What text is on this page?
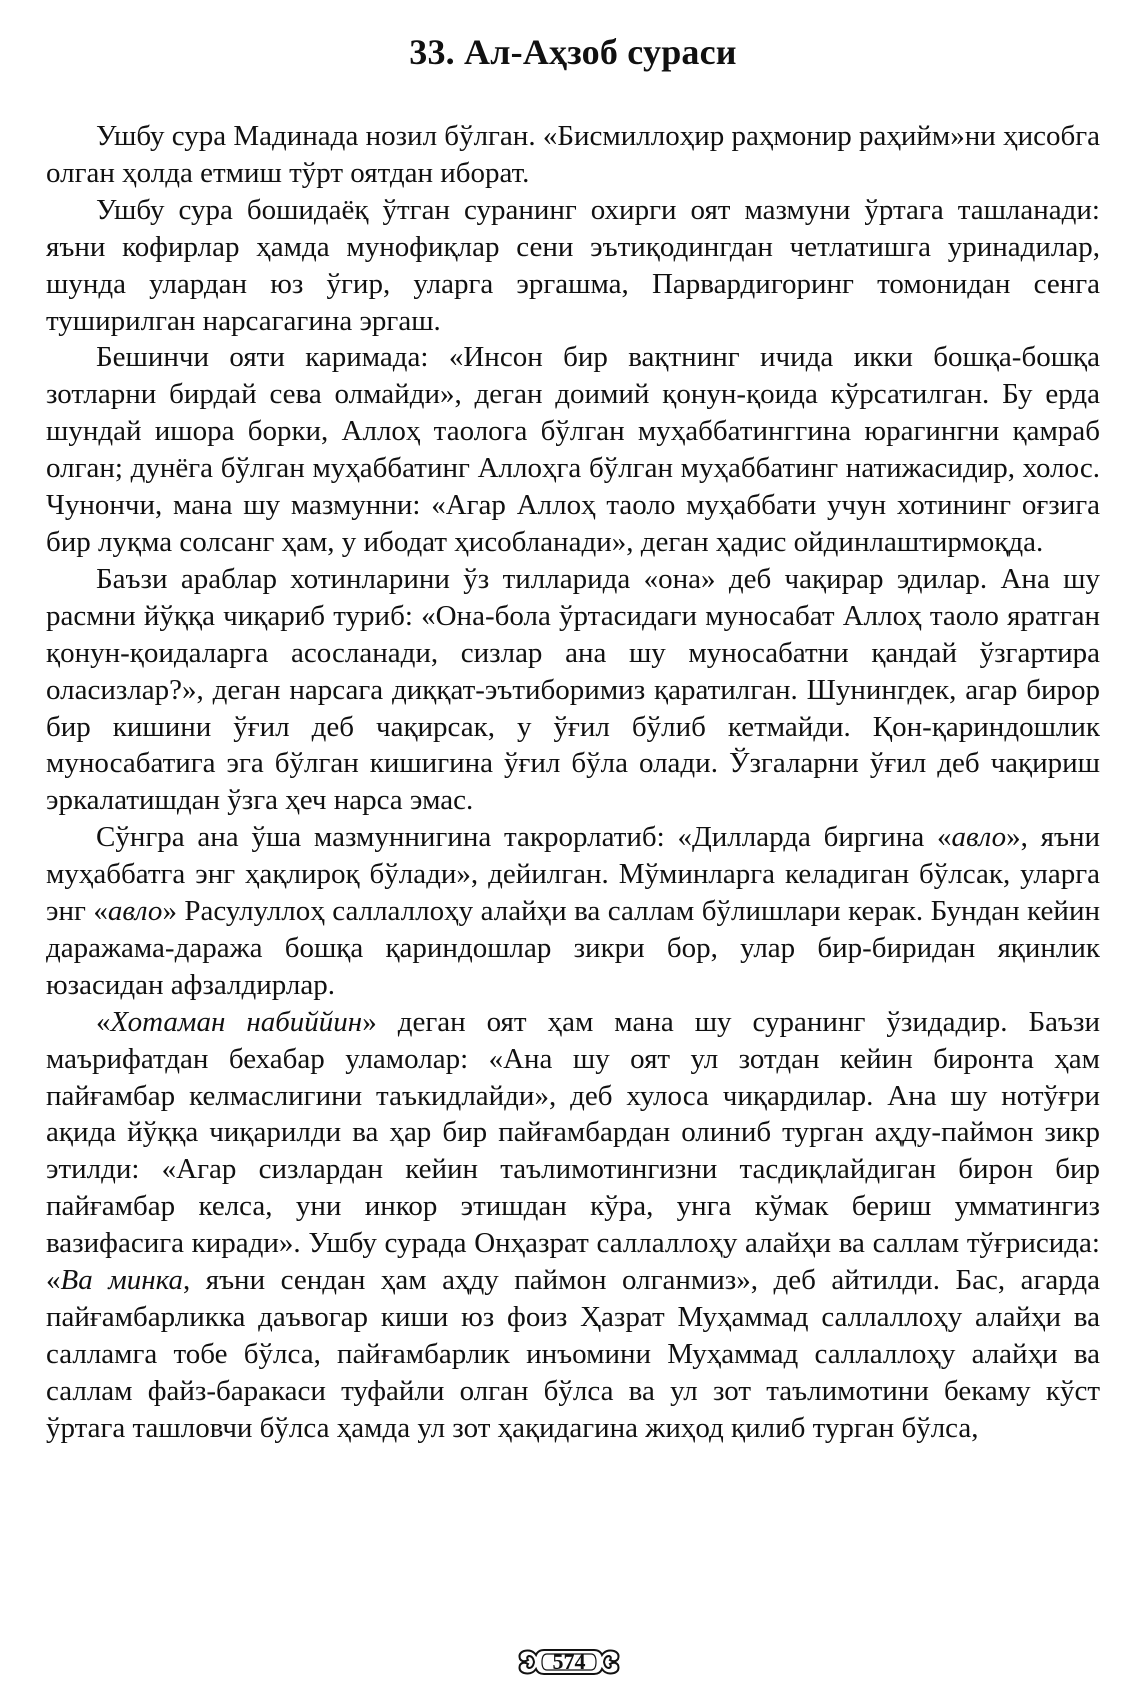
33. Ал-Аҳзоб сураси

Ушбу сура Мадинада нозил бўлган. «Бисмиллоҳир раҳмонир раҳийм»ни ҳисобга олган ҳолда етмиш тўрт оятдан иборат.

Ушбу сура бошидаёқ ўтган суранинг охирги оят мазмуни ўртага ташланади: яъни кофирлар ҳамда мунофиқлар сени эътиқодингдан четлатишга уринадилар, шунда улардан юз ўгир, уларга эргашма, Парвардигоринг томонидан сенга туширилган нарсагагина эргаш.

Бешинчи ояти каримада: «Инсон бир вақтнинг ичида икки бошқа-бошқа зотларни бирдай сева олмайди», деган доимий қонун-қоида кўрсатилган. Бу ерда шундай ишора борки, Аллоҳ таологa бўлган муҳаббатинггина юрагингни қамраб олган; дунёга бўлган муҳаббатинг Аллоҳга бўлган муҳаббатинг натижасидир, холос. Чунончи, мана шу мазмунни: «Агар Аллоҳ таоло муҳаббати учун хотининг оғзига бир луқма солсанг ҳам, у ибодат ҳисобланади», деган ҳадис ойдинлаштирмоқда.

Баъзи араблар хотинларини ўз тилларида «она» деб чақирар эдилар. Ана шу расмни йўққа чиқариб туриб: «Она-бола ўртасидаги муносабат Аллоҳ таоло яратган қонун-қоидаларга асосланади, сизлар ана шу муносабатни қандай ўзгартира оласизлар?», деган нарсага диққат-эътиборимиз қаратилган. Шунингдек, агар бирор бир кишини ўғил деб чақирсак, у ўғил бўлиб кетмайди. Қон-қариндошлик муносабатига эга бўлган кишигина ўғил бўла олади. Ўзгаларни ўғил деб чақириш эркалатишдан ўзга ҳеч нарса эмас.

Сўнгра ана ўша мазмуннигина такрорлатиб: «Дилларда биргина «авло», яъни муҳаббатга энг ҳақлироқ бўлади», дейилган. Мўминларга келадиган бўлсак, уларга энг «авло» Расулуллоҳ саллаллоҳу алайҳи ва саллам бўлишлари керак. Бундан кейин даражама-даража бошқа қариндошлар зикри бор, улар бир-биридан яқинлик юзасидан афзалдирлар.

«Хотаман набиййин» деган оят ҳам мана шу суранинг ўзидадир. Баъзи маърифатдан бехабар уламолар: «Ана шу оят ул зотдан кейин биронта ҳам пайғамбар келмаслигини таъкидлайди», деб хулоса чиқардилар. Ана шу нотўғри ақида йўққа чиқарилди ва ҳар бир пайғамбардан олиниб турган аҳду-паймон зикр этилди: «Агар сизлардан кейин таълимотингизни тасдиқлайдиган бирон бир пайғамбар келса, уни инкор этишдан кўра, унга кўмак бериш умматингиз вазифасига киради». Ушбу сурада Онҳазрат саллаллоҳу алайҳи ва саллам тўғрисида: «Ва минка, яъни сендан ҳам аҳду паймон олганмиз», деб айтилди. Бас, агарда пайғамбарликка даъвогар киши юз фоиз Ҳазрат Муҳаммад саллаллоҳу алайҳи ва салламга тобе бўлса, пайғамбарлик инъомини Муҳаммад саллаллоҳу алайҳи ва саллам файз-баракаси туфайли олган бўлса ва ул зот таълимотини бекаму кўст ўртага ташловчи бўлса ҳамда ул зот ҳақидагина жиҳод қилиб турган бўлса,

574
